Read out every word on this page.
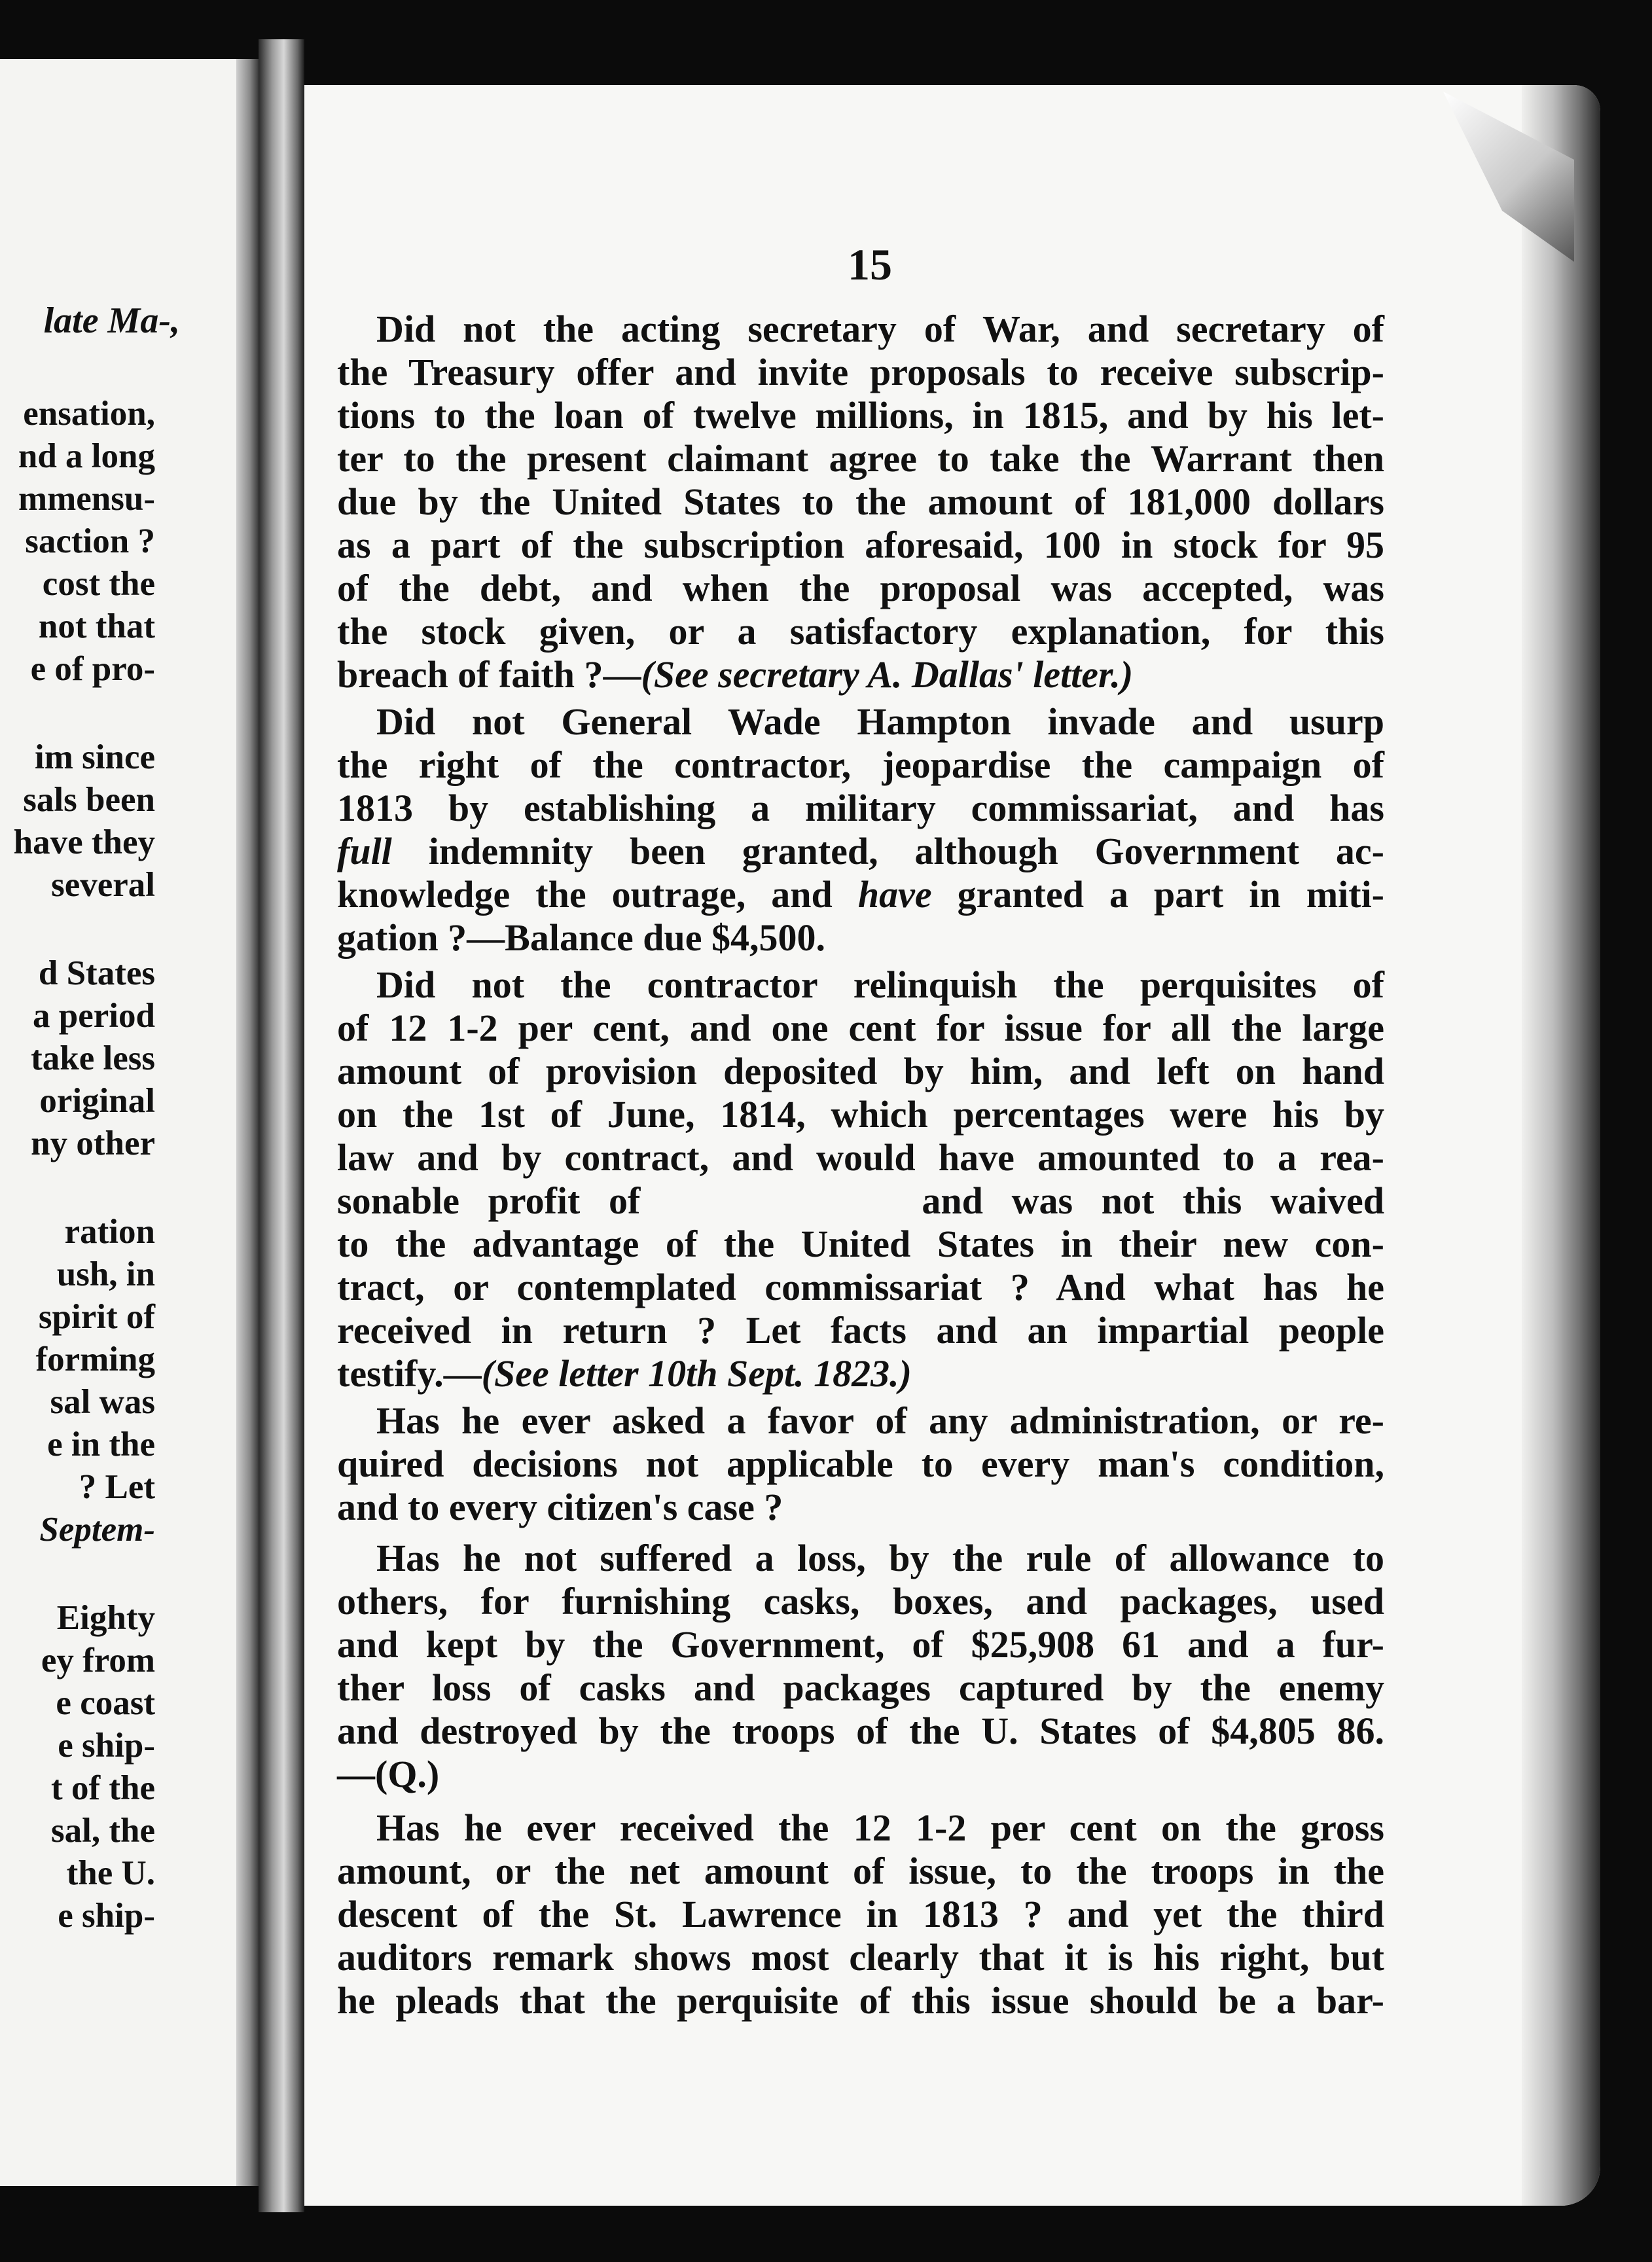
late Ma-,
ensation,
nd a long
mmensu-
saction ?
cost the
not that
e of pro-
im since
sals been
have they
several
d States
a period
take less
original
ny other
ration
ush, in
spirit of
forming
sal was
e in the
? Let
Septem-
Eighty
ey from
e coast
e ship-
t of the
sal, the
the U.
e ship-
15
Did not the acting secretary of War, and secretary of
the Treasury offer and invite proposals to receive subscrip-
tions to the loan of twelve millions, in 1815, and by his let-
ter to the present claimant agree to take the Warrant then
due by the United States to the amount of 181,000 dollars
as a part of the subscription aforesaid, 100 in stock for 95
of the debt, and when the proposal was accepted, was
the stock given, or a satisfactory explanation, for this
breach of faith ?—(See secretary A. Dallas' letter.)
Did not General Wade Hampton invade and usurp
the right of the contractor, jeopardise the campaign of
1813 by establishing a military commissariat, and has
full indemnity been granted, although Government ac-
knowledge the outrage, and have granted a part in miti-
gation ?—Balance due $4,500.
Did not the contractor relinquish the perquisites of
of 12 1-2 per cent, and one cent for issue for all the large
amount of provision deposited by him, and left on hand
on the 1st of June, 1814, which percentages were his by
law and by contract, and would have amounted to a rea-
sonable profit of	and was not this waived
to the advantage of the United States in their new con-
tract, or contemplated commissariat ? And what has he
received in return ? Let facts and an impartial people
testify.—(See letter 10th Sept. 1823.)
Has he ever asked a favor of any administration, or re-
quired decisions not applicable to every man's condition,
and to every citizen's case ?
Has he not suffered a loss, by the rule of allowance to
others, for furnishing casks, boxes, and packages, used
and kept by the Government, of $25,908 61 and a fur-
ther loss of casks and packages captured by the enemy
and destroyed by the troops of the U. States of $4,805 86.
—(Q.)
Has he ever received the 12 1-2 per cent on the gross
amount, or the net amount of issue, to the troops in the
descent of the St. Lawrence in 1813 ? and yet the third
auditors remark shows most clearly that it is his right, but
he pleads that the perquisite of this issue should be a bar-
